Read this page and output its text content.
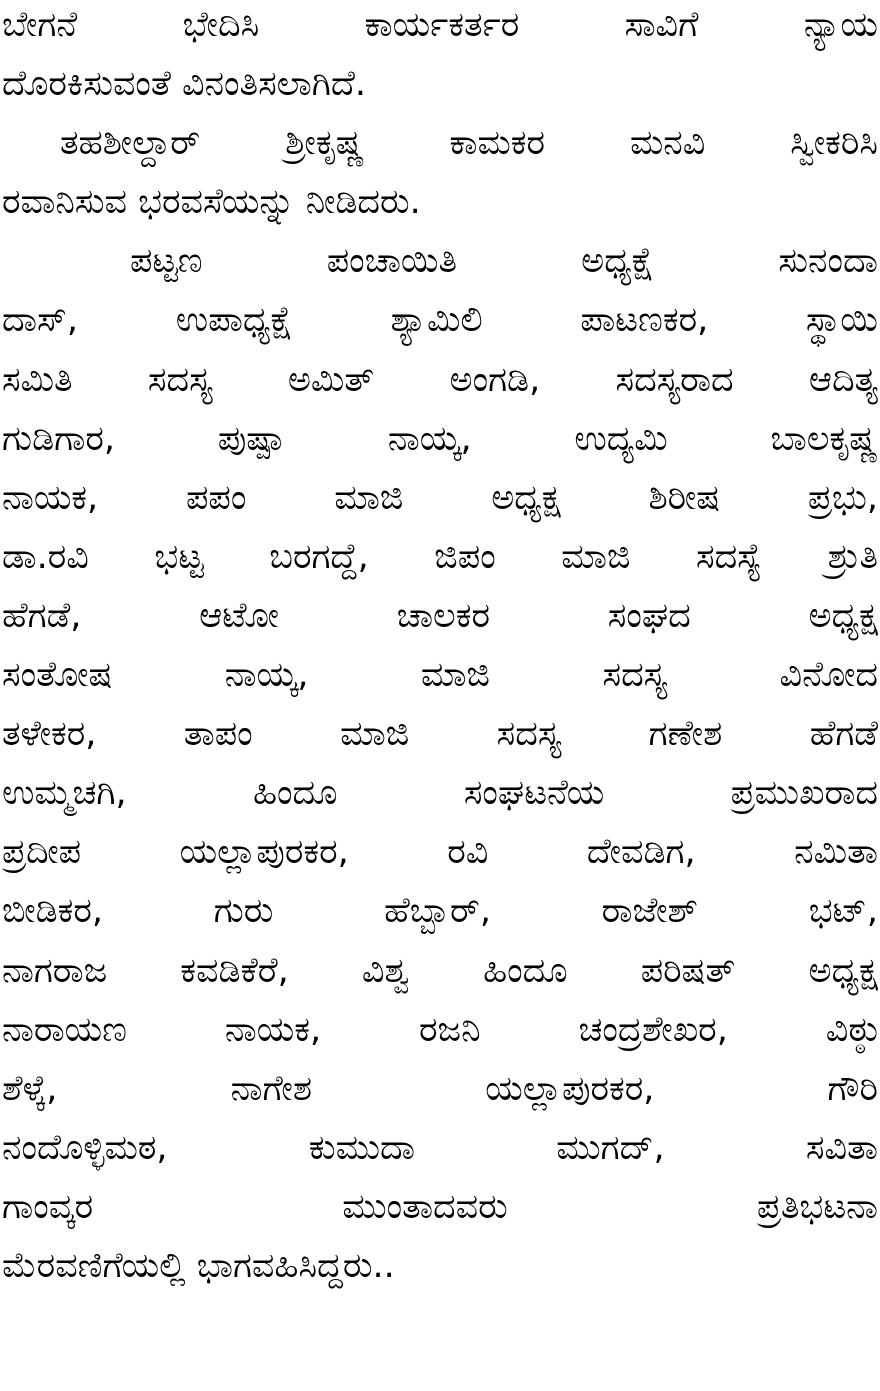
ಬೇಗನೆ ಭೇದಿಸಿ ಕಾರ್ಯಕರ್ತರ ಸಾವಿಗೆ ನ್ಯಾಯ
ದೊರಕಿಸುವಂತೆ ವಿನಂತಿಸಲಾಗಿದೆ.
ತಹಶೀಲ್ದಾರ್ ಶ್ರೀಕೃಷ್ಣ ಕಾಮಕರ ಮನವಿ ಸ್ವೀಕರಿಸಿ
ರವಾನಿಸುವ ಭರವಸೆಯನ್ನು ನೀಡಿದರು.
ಪಟ್ಟಣ ಪಂಚಾಯಿತಿ ಅಧ್ಯಕ್ಷೆ ಸುನಂದಾ
ದಾಸ್, ಉಪಾಧ್ಯಕ್ಷೆ ಶ್ಯಾಮಿಲಿ ಪಾಟಣಕರ, ಸ್ಥಾಯಿ
ಸಮಿತಿ ಸದಸ್ಯ ಅಮಿತ್ ಅಂಗಡಿ, ಸದಸ್ಯರಾದ ಆದಿತ್ಯ
ಗುಡಿಗಾರ, ಪುಷ್ಪಾ ನಾಯ್ಕ, ಉದ್ಯಮಿ ಬಾಲಕೃಷ್ಣ
ನಾಯಕ, ಪಪಂ ಮಾಜಿ ಅಧ್ಯಕ್ಷ ಶಿರೀಷ ಪ್ರಭು,
ಡಾ.ರವಿ ಭಟ್ಟ ಬರಗದ್ದೆ, ಜಿಪಂ ಮಾಜಿ ಸದಸ್ಯೆ ಶ್ರುತಿ
ಹೆಗಡೆ, ಆಟೋ ಚಾಲಕರ ಸಂಘದ ಅಧ್ಯಕ್ಷ
ಸಂತೋಷ ನಾಯ್ಕ, ಮಾಜಿ ಸದಸ್ಯ ವಿನೋದ
ತಳೇಕರ, ತಾಪಂ ಮಾಜಿ ಸದಸ್ಯ ಗಣೇಶ ಹೆಗಡೆ
ಉಮ್ಮಚಗಿ, ಹಿಂದೂ ಸಂಘಟನೆಯ ಪ್ರಮುಖರಾದ
ಪ್ರದೀಪ ಯಲ್ಲಾಪುರಕರ, ರವಿ ದೇವಡಿಗ, ನಮಿತಾ
ಬೀಡಿಕರ, ಗುರು ಹೆಬ್ಬಾರ್, ರಾಜೇಶ್ ಭಟ್,
ನಾಗರಾಜ ಕವಡಿಕೆರೆ, ವಿಶ್ವ ಹಿಂದೂ ಪರಿಷತ್ ಅಧ್ಯಕ್ಷ
ನಾರಾಯಣ ನಾಯಕ, ರಜನಿ ಚಂದ್ರಶೇಖರ, ವಿಠ್ಠು
ಶೆಳ್ಕೆ, ನಾಗೇಶ ಯಲ್ಲಾಪುರಕರ, ಗೌರಿ
ನಂದೊಳ್ಳಿಮಠ, ಕುಮುದಾ ಮುಗದ್, ಸವಿತಾ
ಗಾಂವ್ಕರ ಮುಂತಾದವರು ಪ್ರತಿಭಟನಾ
ಮೆರವಣಿಗೆಯಲ್ಲಿ ಭಾಗವಹಿಸಿದ್ದರು..
